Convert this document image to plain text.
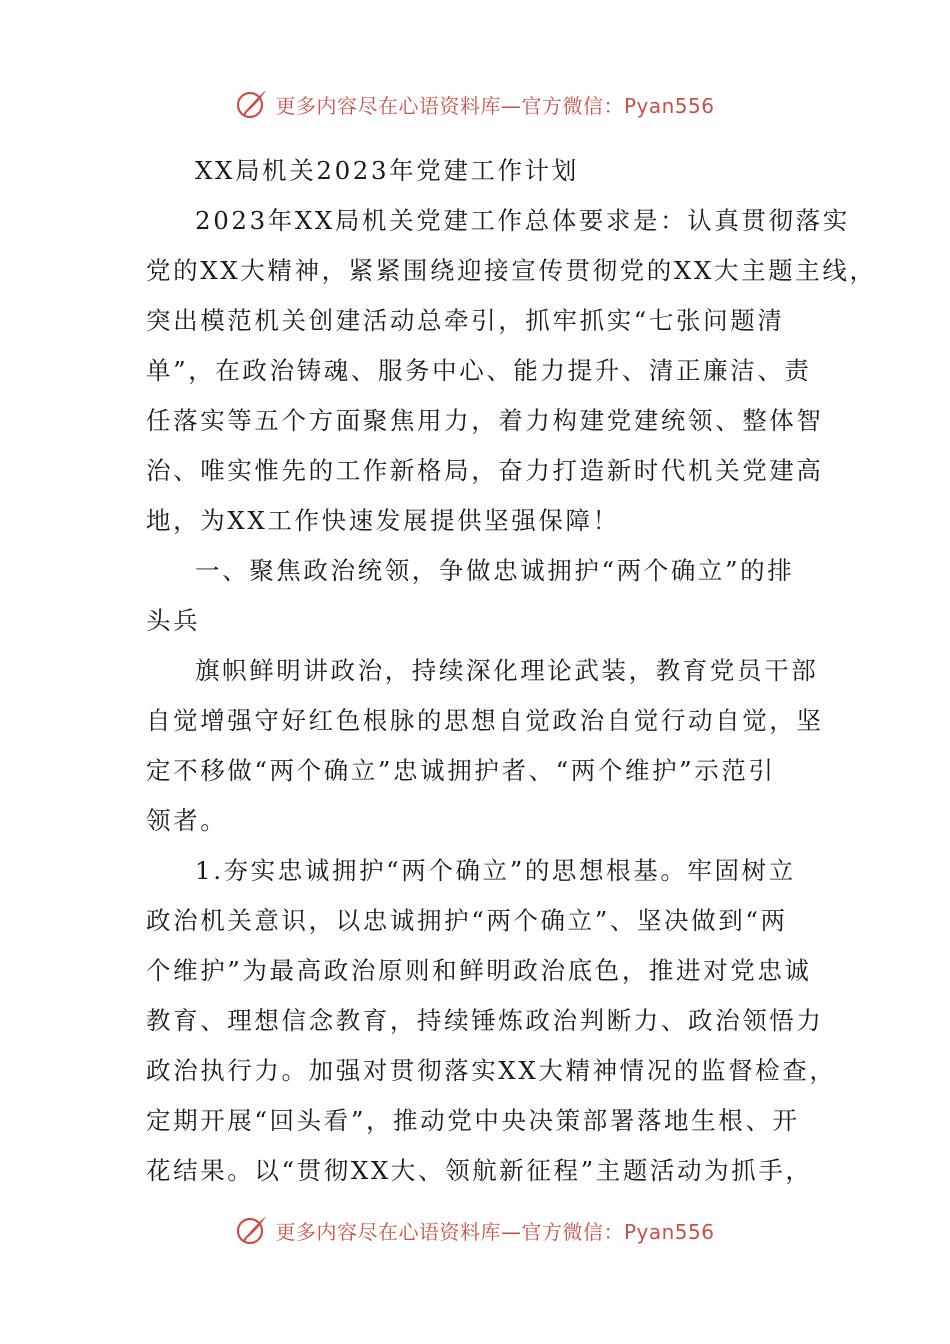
更多内容尽在心语资料库—官方微信：Pyan556
XX局机关2023年党建工作计划
2023年XX局机关党建工作总体要求是：认真贯彻落实
党的XX大精神，紧紧围绕迎接宣传贯彻党的XX大主题主线，
突出模范机关创建活动总牵引，抓牢抓实“七张问题清
单”，在政治铸魂、服务中心、能力提升、清正廉洁、责
任落实等五个方面聚焦用力，着力构建党建统领、整体智
治、唯实惟先的工作新格局，奋力打造新时代机关党建高
地，为XX工作快速发展提供坚强保障！
一、聚焦政治统领，争做忠诚拥护“两个确立”的排
头兵
旗帜鲜明讲政治，持续深化理论武装，教育党员干部
自觉增强守好红色根脉的思想自觉政治自觉行动自觉，坚
定不移做“两个确立”忠诚拥护者、“两个维护”示范引
领者。
1.夯实忠诚拥护“两个确立”的思想根基。牢固树立
政治机关意识，以忠诚拥护“两个确立”、坚决做到“两
个维护”为最高政治原则和鲜明政治底色，推进对党忠诚
教育、理想信念教育，持续锤炼政治判断力、政治领悟力
政治执行力。加强对贯彻落实XX大精神情况的监督检查，
定期开展“回头看”，推动党中央决策部署落地生根、开
花结果。以“贯彻XX大、领航新征程”主题活动为抓手，
更多内容尽在心语资料库—官方微信：Pyan556
